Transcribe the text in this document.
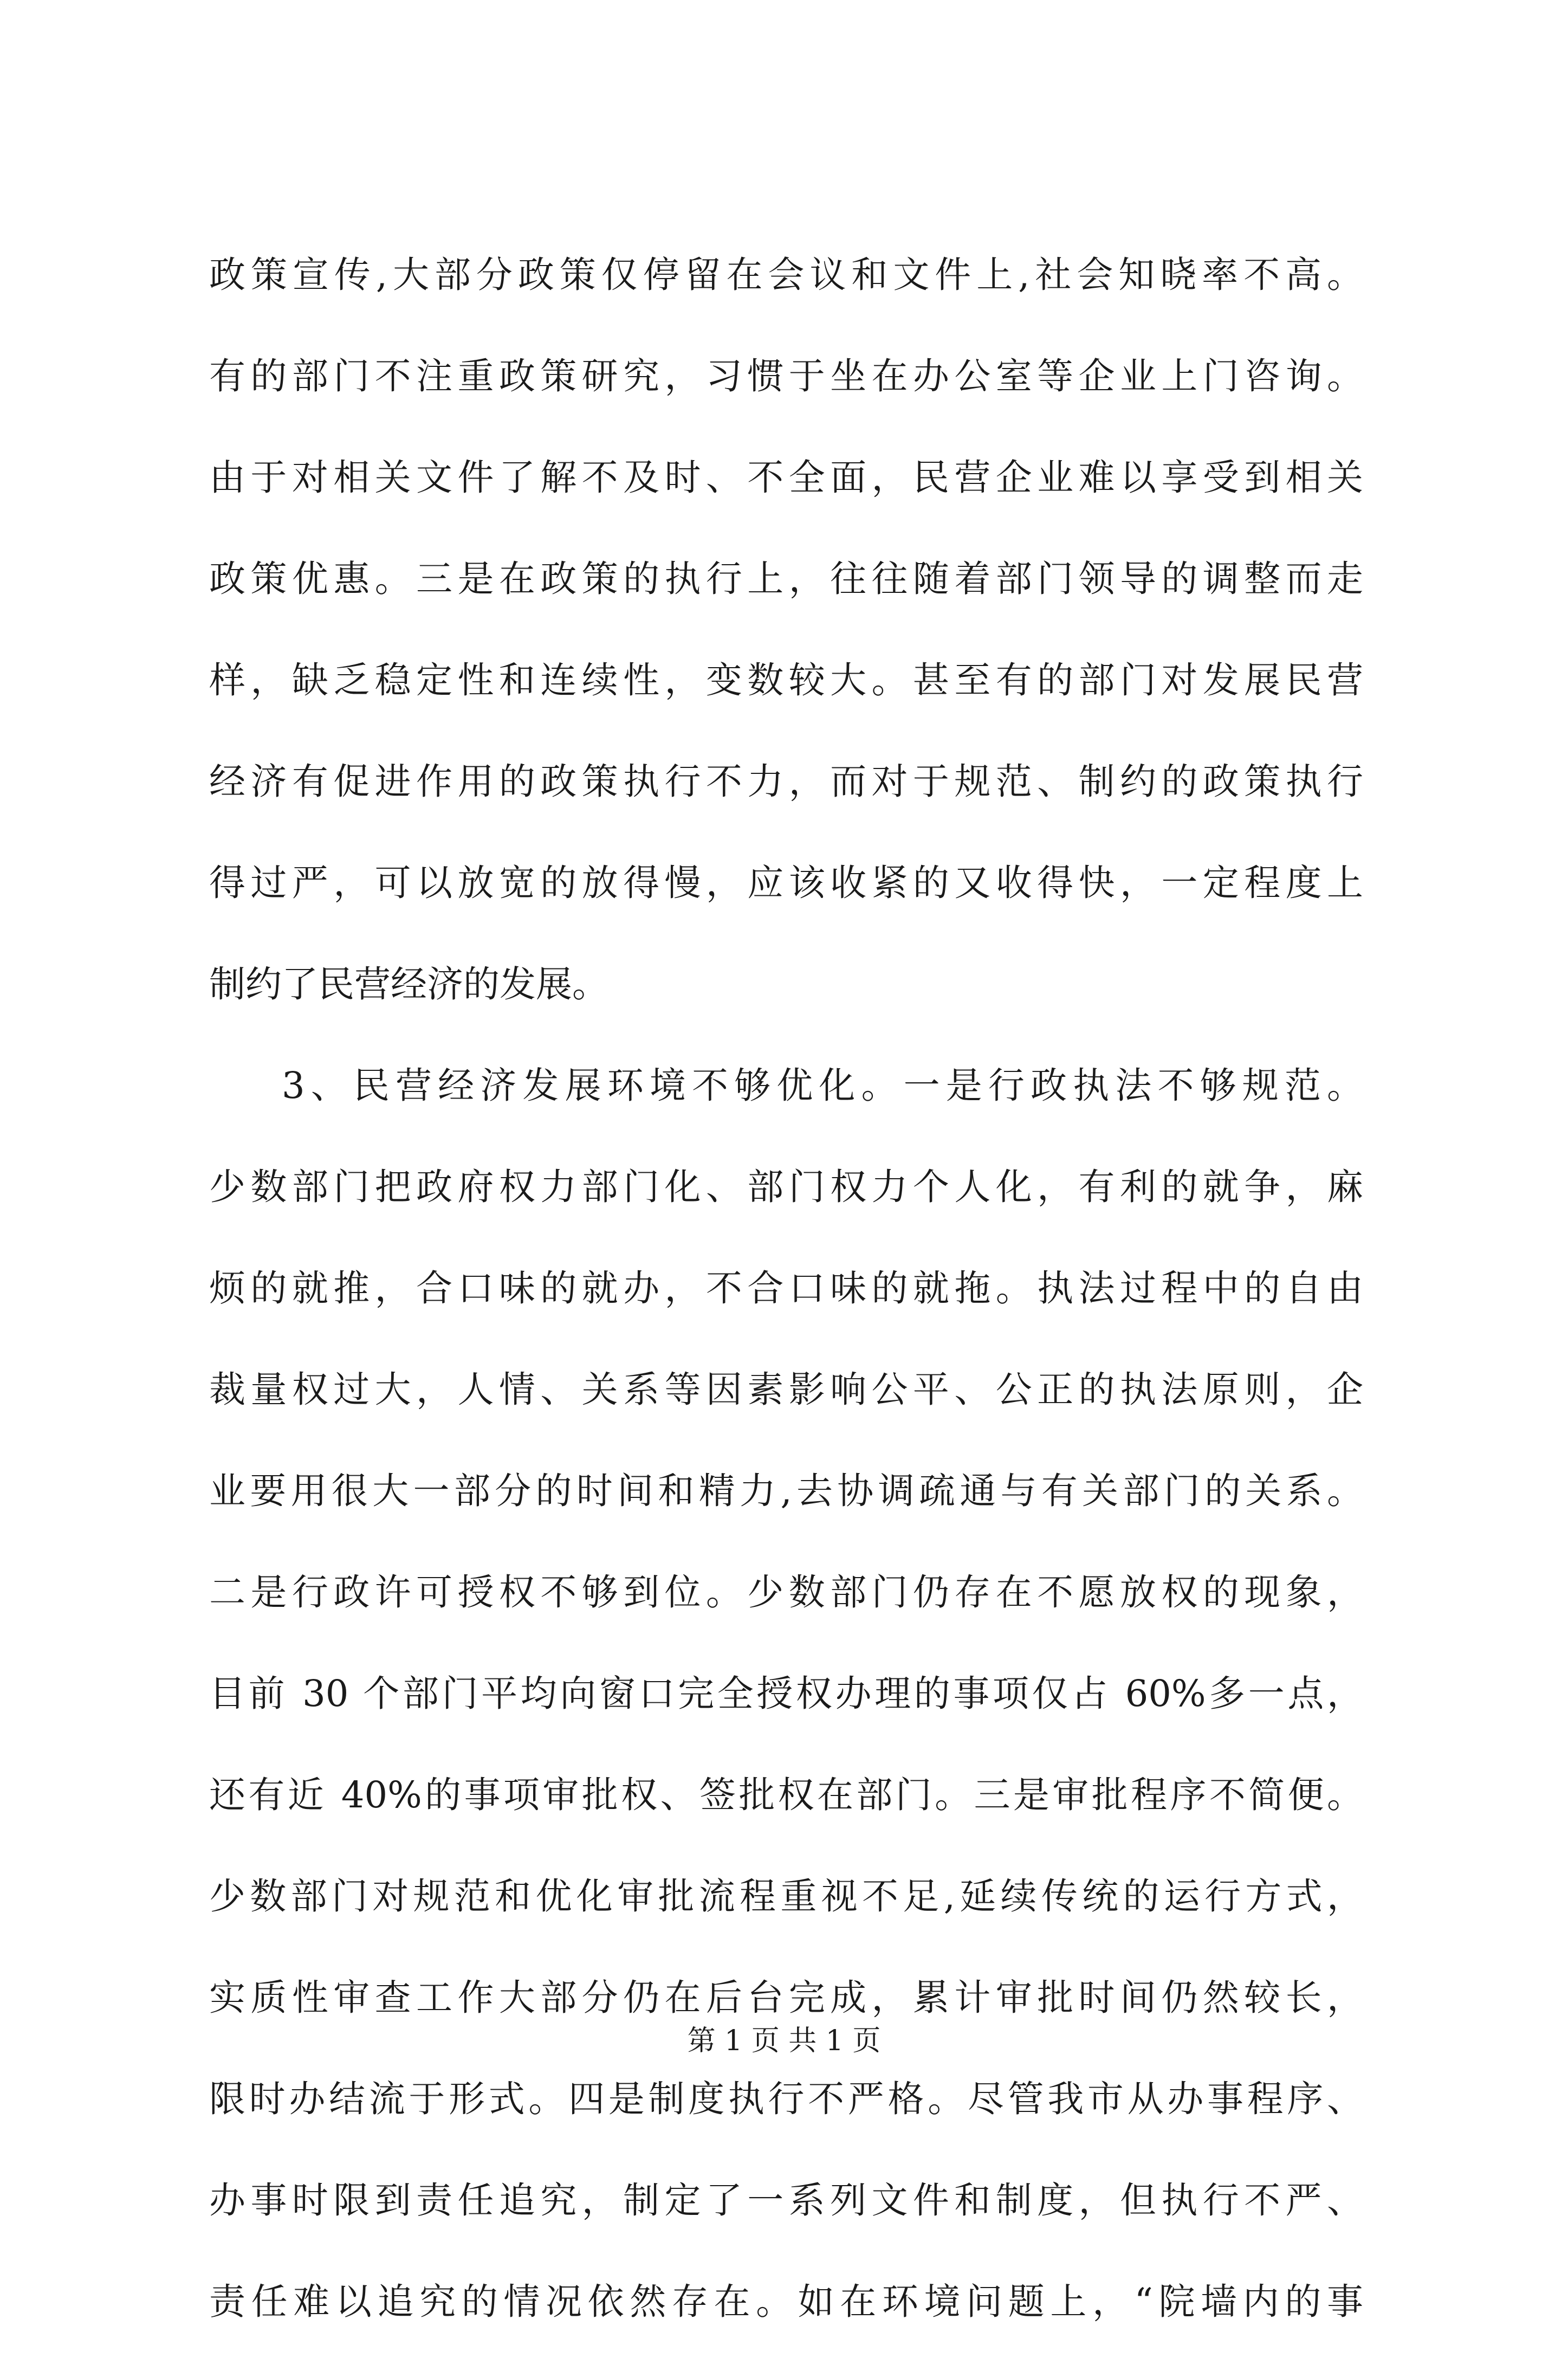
政策宣传,大部分政策仅停留在会议和文件上,社会知晓率不高。
有的部门不注重政策研究，习惯于坐在办公室等企业上门咨询。
由于对相关文件了解不及时、不全面，民营企业难以享受到相关
政策优惠。三是在政策的执行上，往往随着部门领导的调整而走
样，缺乏稳定性和连续性，变数较大。甚至有的部门对发展民营
经济有促进作用的政策执行不力，而对于规范、制约的政策执行
得过严，可以放宽的放得慢，应该收紧的又收得快，一定程度上
制约了民营经济的发展。
3、民营经济发展环境不够优化。一是行政执法不够规范。
少数部门把政府权力部门化、部门权力个人化，有利的就争，麻
烦的就推，合口味的就办，不合口味的就拖。执法过程中的自由
裁量权过大，人情、关系等因素影响公平、公正的执法原则，企
业要用很大一部分的时间和精力,去协调疏通与有关部门的关系。
二是行政许可授权不够到位。少数部门仍存在不愿放权的现象，
目前 30 个部门平均向窗口完全授权办理的事项仅占 60%多一点，
还有近 40%的事项审批权、签批权在部门。三是审批程序不简便。
少数部门对规范和优化审批流程重视不足,延续传统的运行方式，
实质性审查工作大部分仍在后台完成，累计审批时间仍然较长，
限时办结流于形式。四是制度执行不严格。尽管我市从办事程序、
办事时限到责任追究，制定了一系列文件和制度，但执行不严、
责任难以追究的情况依然存在。如在环境问题上，“院墙内的事
第 1 页 共 1 页
